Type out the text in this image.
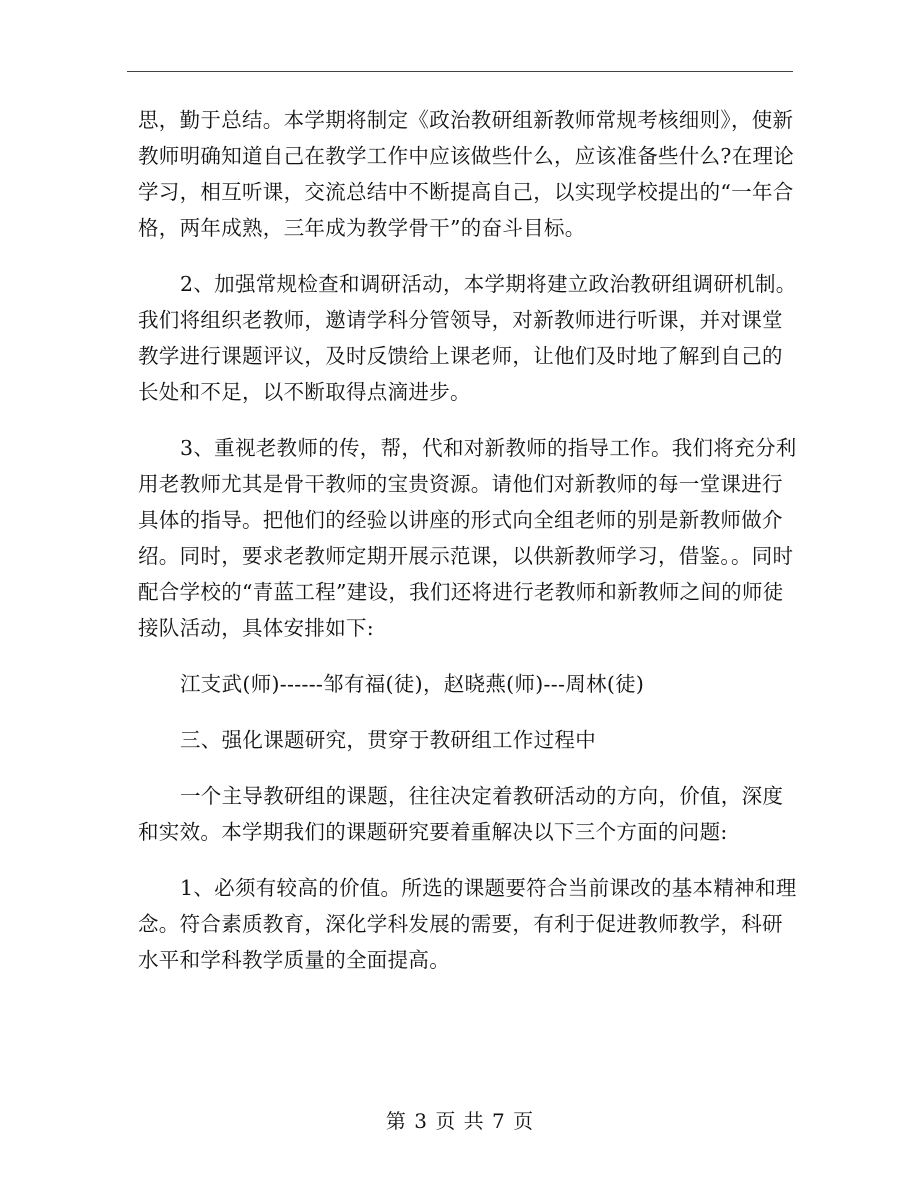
思，勤于总结。本学期将制定《政治教研组新教师常规考核细则》，使新教师明确知道自己在教学工作中应该做些什么，应该准备些什么?在理论学习，相互听课，交流总结中不断提高自己，以实现学校提出的“一年合格，两年成熟，三年成为教学骨干”的奋斗目标。

2、加强常规检查和调研活动，本学期将建立政治教研组调研机制。我们将组织老教师，邀请学科分管领导，对新教师进行听课，并对课堂教学进行课题评议，及时反馈给上课老师，让他们及时地了解到自己的长处和不足，以不断取得点滴进步。

3、重视老教师的传，帮，代和对新教师的指导工作。我们将充分利用老教师尤其是骨干教师的宝贵资源。请他们对新教师的每一堂课进行具体的指导。把他们的经验以讲座的形式向全组老师的别是新教师做介绍。同时，要求老教师定期开展示范课，以供新教师学习，借鉴。。同时配合学校的“青蓝工程”建设，我们还将进行老教师和新教师之间的师徒接队活动，具体安排如下:

江支武(师)------邹有福(徒)，赵晓燕(师)---周林(徒)

三、强化课题研究，贯穿于教研组工作过程中

一个主导教研组的课题，往往决定着教研活动的方向，价值，深度和实效。本学期我们的课题研究要着重解决以下三个方面的问题:

1、必须有较高的价值。所选的课题要符合当前课改的基本精神和理念。符合素质教育，深化学科发展的需要，有利于促进教师教学，科研水平和学科教学质量的全面提高。

第 3 页 共 7 页
